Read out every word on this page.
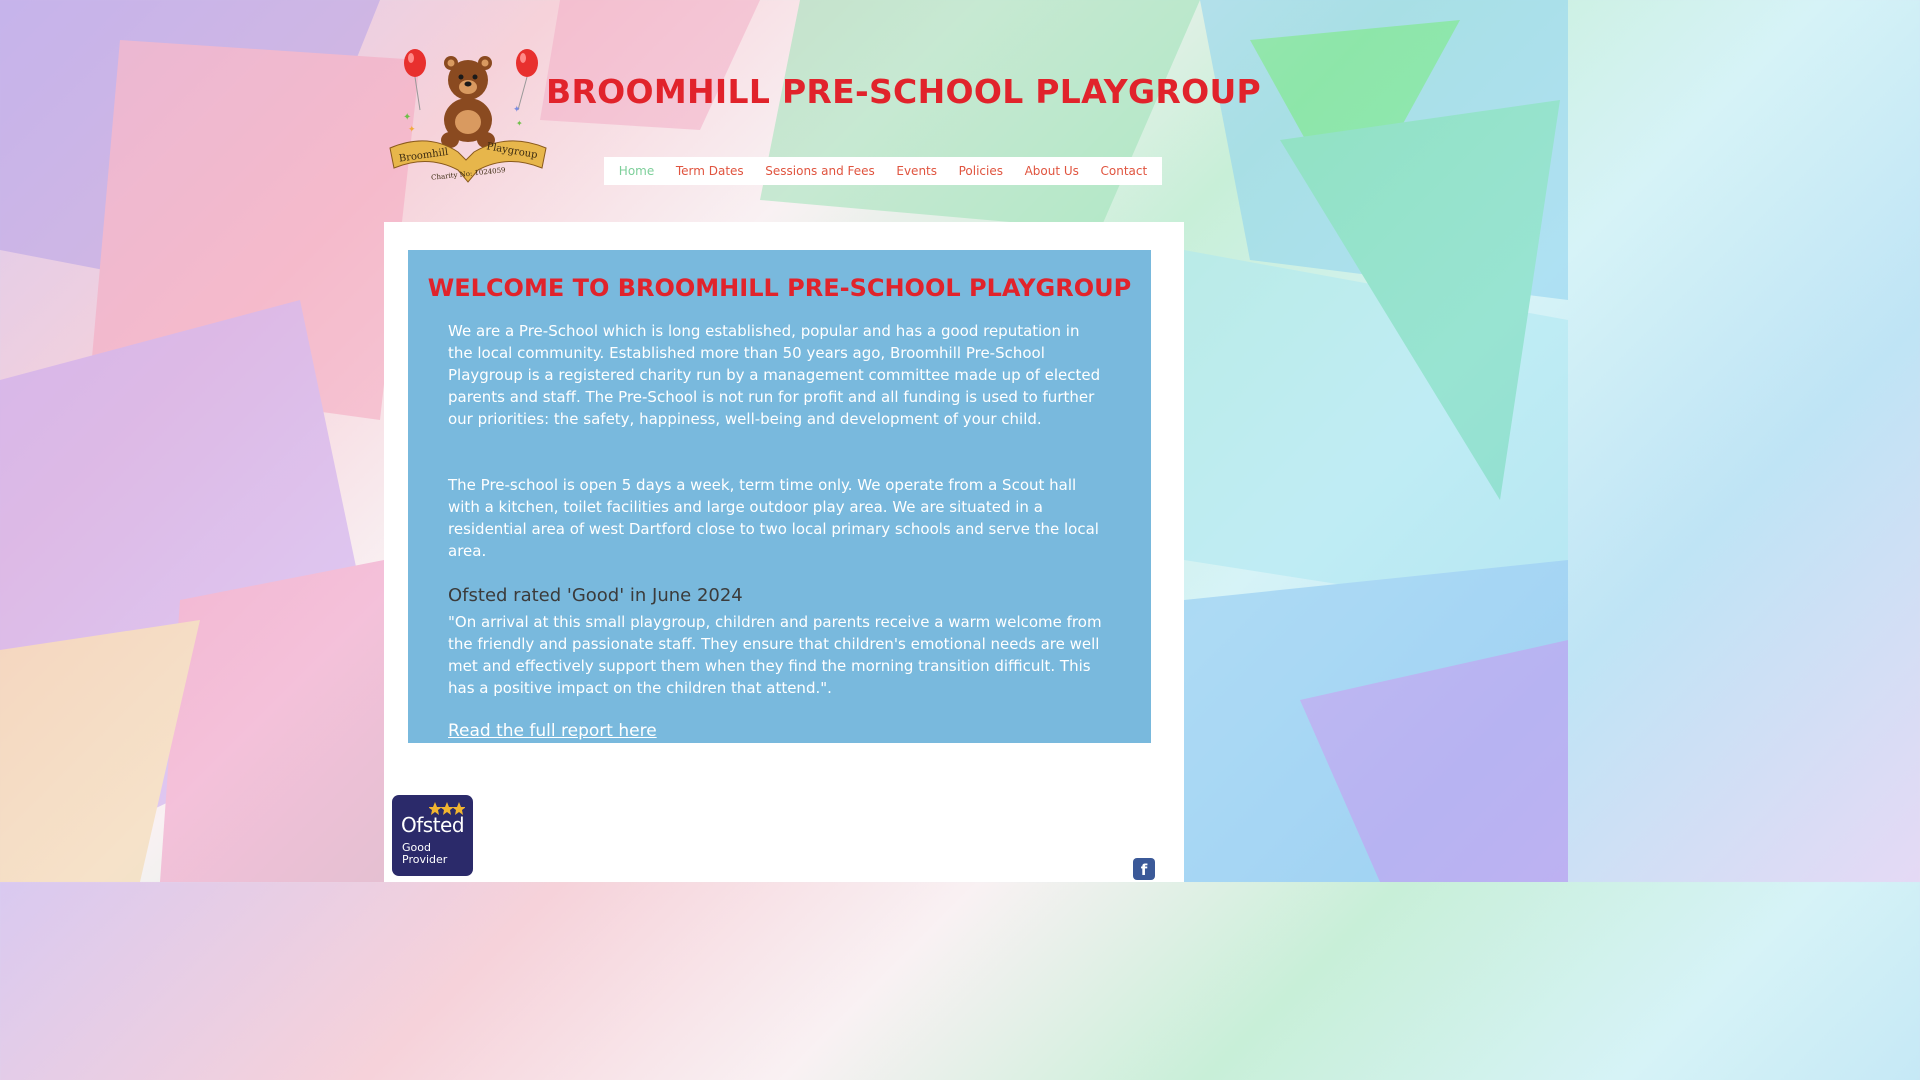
✦
✦
✦
✦
Broomhill	Playgroup
Charity No: 1024059
BROOMHILL PRE-SCHOOL PLAYGROUP
Home Term Dates Sessions and Fees Events Policies About Us Contact
WELCOME TO BROOMHILL PRE-SCHOOL PLAYGROUP

We are a Pre-School which is long established, popular and has a good reputation in the local community. Established more than 50 years ago, Broomhill Pre-School Playgroup is a registered charity run by a management committee made up of elected parents and staff. The Pre-School is not run for profit and all funding is used to further our priorities: the safety, happiness, well-being and development of your child.

The Pre-school is open 5 days a week, term time only. We operate from a Scout hall with a kitchen, toilet facilities and large outdoor play area. We are situated in a residential area of west Dartford close to two local primary schools and serve the local area.

Ofsted rated 'Good' in June 2024

"On arrival at this small playgroup, children and parents receive a warm welcome from the friendly and passionate staff. They ensure that children's emotional needs are well met and effectively support them when they find the morning transition difficult. This has a positive impact on the children that attend.".

Read the full report here
Ofsted
Good
Provider
f
